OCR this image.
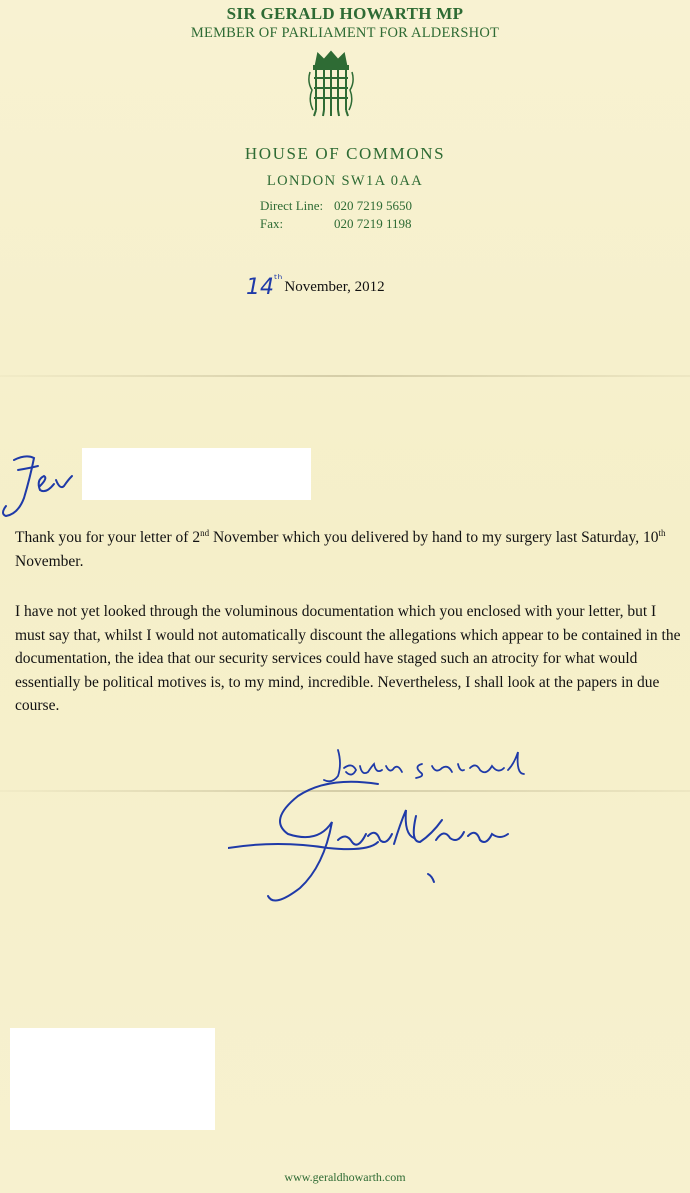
SIR GERALD HOWARTH MP
MEMBER OF PARLIAMENT FOR ALDERSHOT
HOUSE OF COMMONS
LONDON SW1A 0AA
Direct Line: 020 7219 5650
Fax:	020 7219 1198
$14^{ᵗʰ}$ November, 2012
Thank you for your letter of 2nd November which you delivered by hand to my surgery last Saturday, 10th November.
I have not yet looked through the voluminous documentation which you enclosed with your letter, but I must say that, whilst I would not automatically discount the allegations which appear to be contained in the documentation, the idea that our security services could have staged such an atrocity for what would essentially be political motives is, to my mind, incredible. Nevertheless, I shall look at the papers in due course.
www.geraldhowarth.com
